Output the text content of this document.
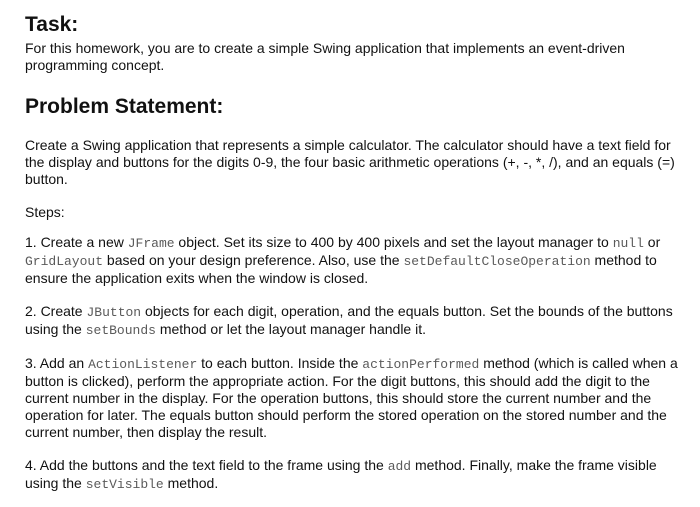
Task:

For this homework, you are to create a simple Swing application that implements an event-driven programming concept.

Problem Statement:

Create a Swing application that represents a simple calculator. The calculator should have a text field for the display and buttons for the digits 0-9, the four basic arithmetic operations (+, -, *, /), and an equals (=) button.

Steps:

1. Create a new JFrame object. Set its size to 400 by 400 pixels and set the layout manager to null or GridLayout based on your design preference. Also, use the setDefaultCloseOperation method to ensure the application exits when the window is closed.

2. Create JButton objects for each digit, operation, and the equals button. Set the bounds of the buttons using the setBounds method or let the layout manager handle it.

3. Add an ActionListener to each button. Inside the actionPerformed method (which is called when a button is clicked), perform the appropriate action. For the digit buttons, this should add the digit to the current number in the display. For the operation buttons, this should store the current number and the operation for later. The equals button should perform the stored operation on the stored number and the current number, then display the result.

4. Add the buttons and the text field to the frame using the add method. Finally, make the frame visible using the setVisible method.
